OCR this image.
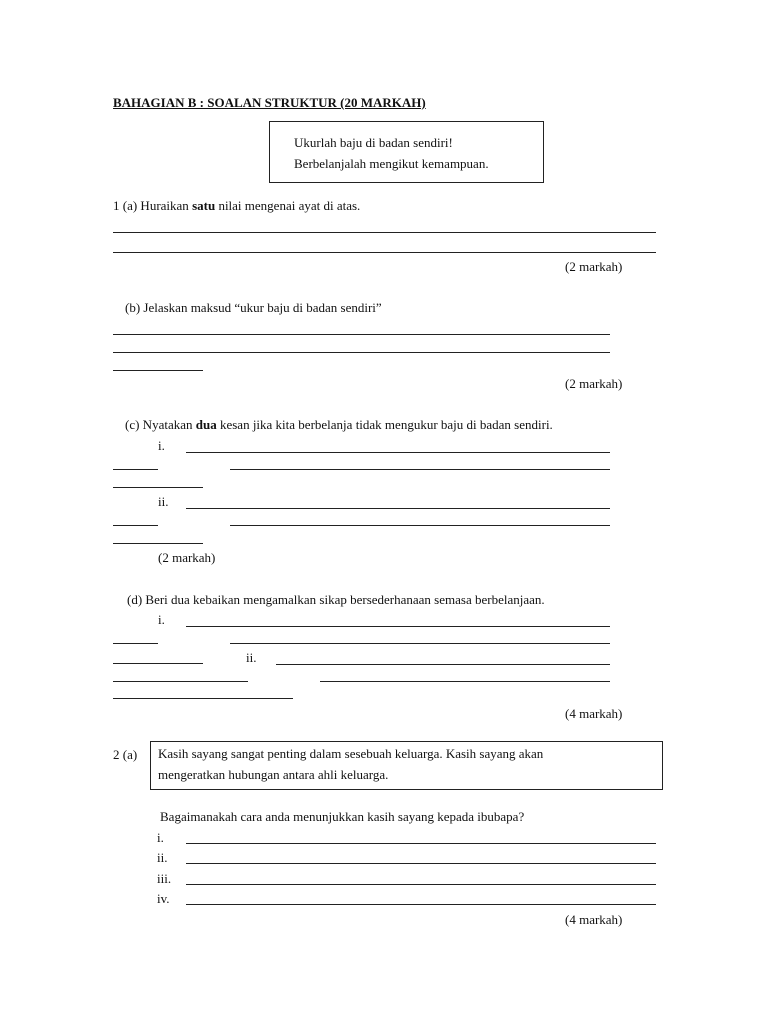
BAHAGIAN B : SOALAN STRUKTUR (20 MARKAH)
Ukurlah baju di badan sendiri!
Berbelanjalah mengikut kemampuan.
1 (a) Huraikan satu nilai mengenai ayat di atas.
(2 markah)
(b) Jelaskan maksud “ukur baju di badan sendiri”
(2 markah)
(c) Nyatakan dua kesan jika kita berbelanja tidak mengukur baju di badan sendiri.
i.
ii.
(2 markah)
(d) Beri dua kebaikan mengamalkan sikap bersederhanaan semasa berbelanjaan.
i.
ii.
(4 markah)
2 (a) Kasih sayang sangat penting dalam sesebuah keluarga. Kasih sayang akan
mengeratkan hubungan antara ahli keluarga.
Bagaimanakah cara anda menunjukkan kasih sayang kepada ibubapa?
i.
ii.
iii.
iv.
(4 markah)
